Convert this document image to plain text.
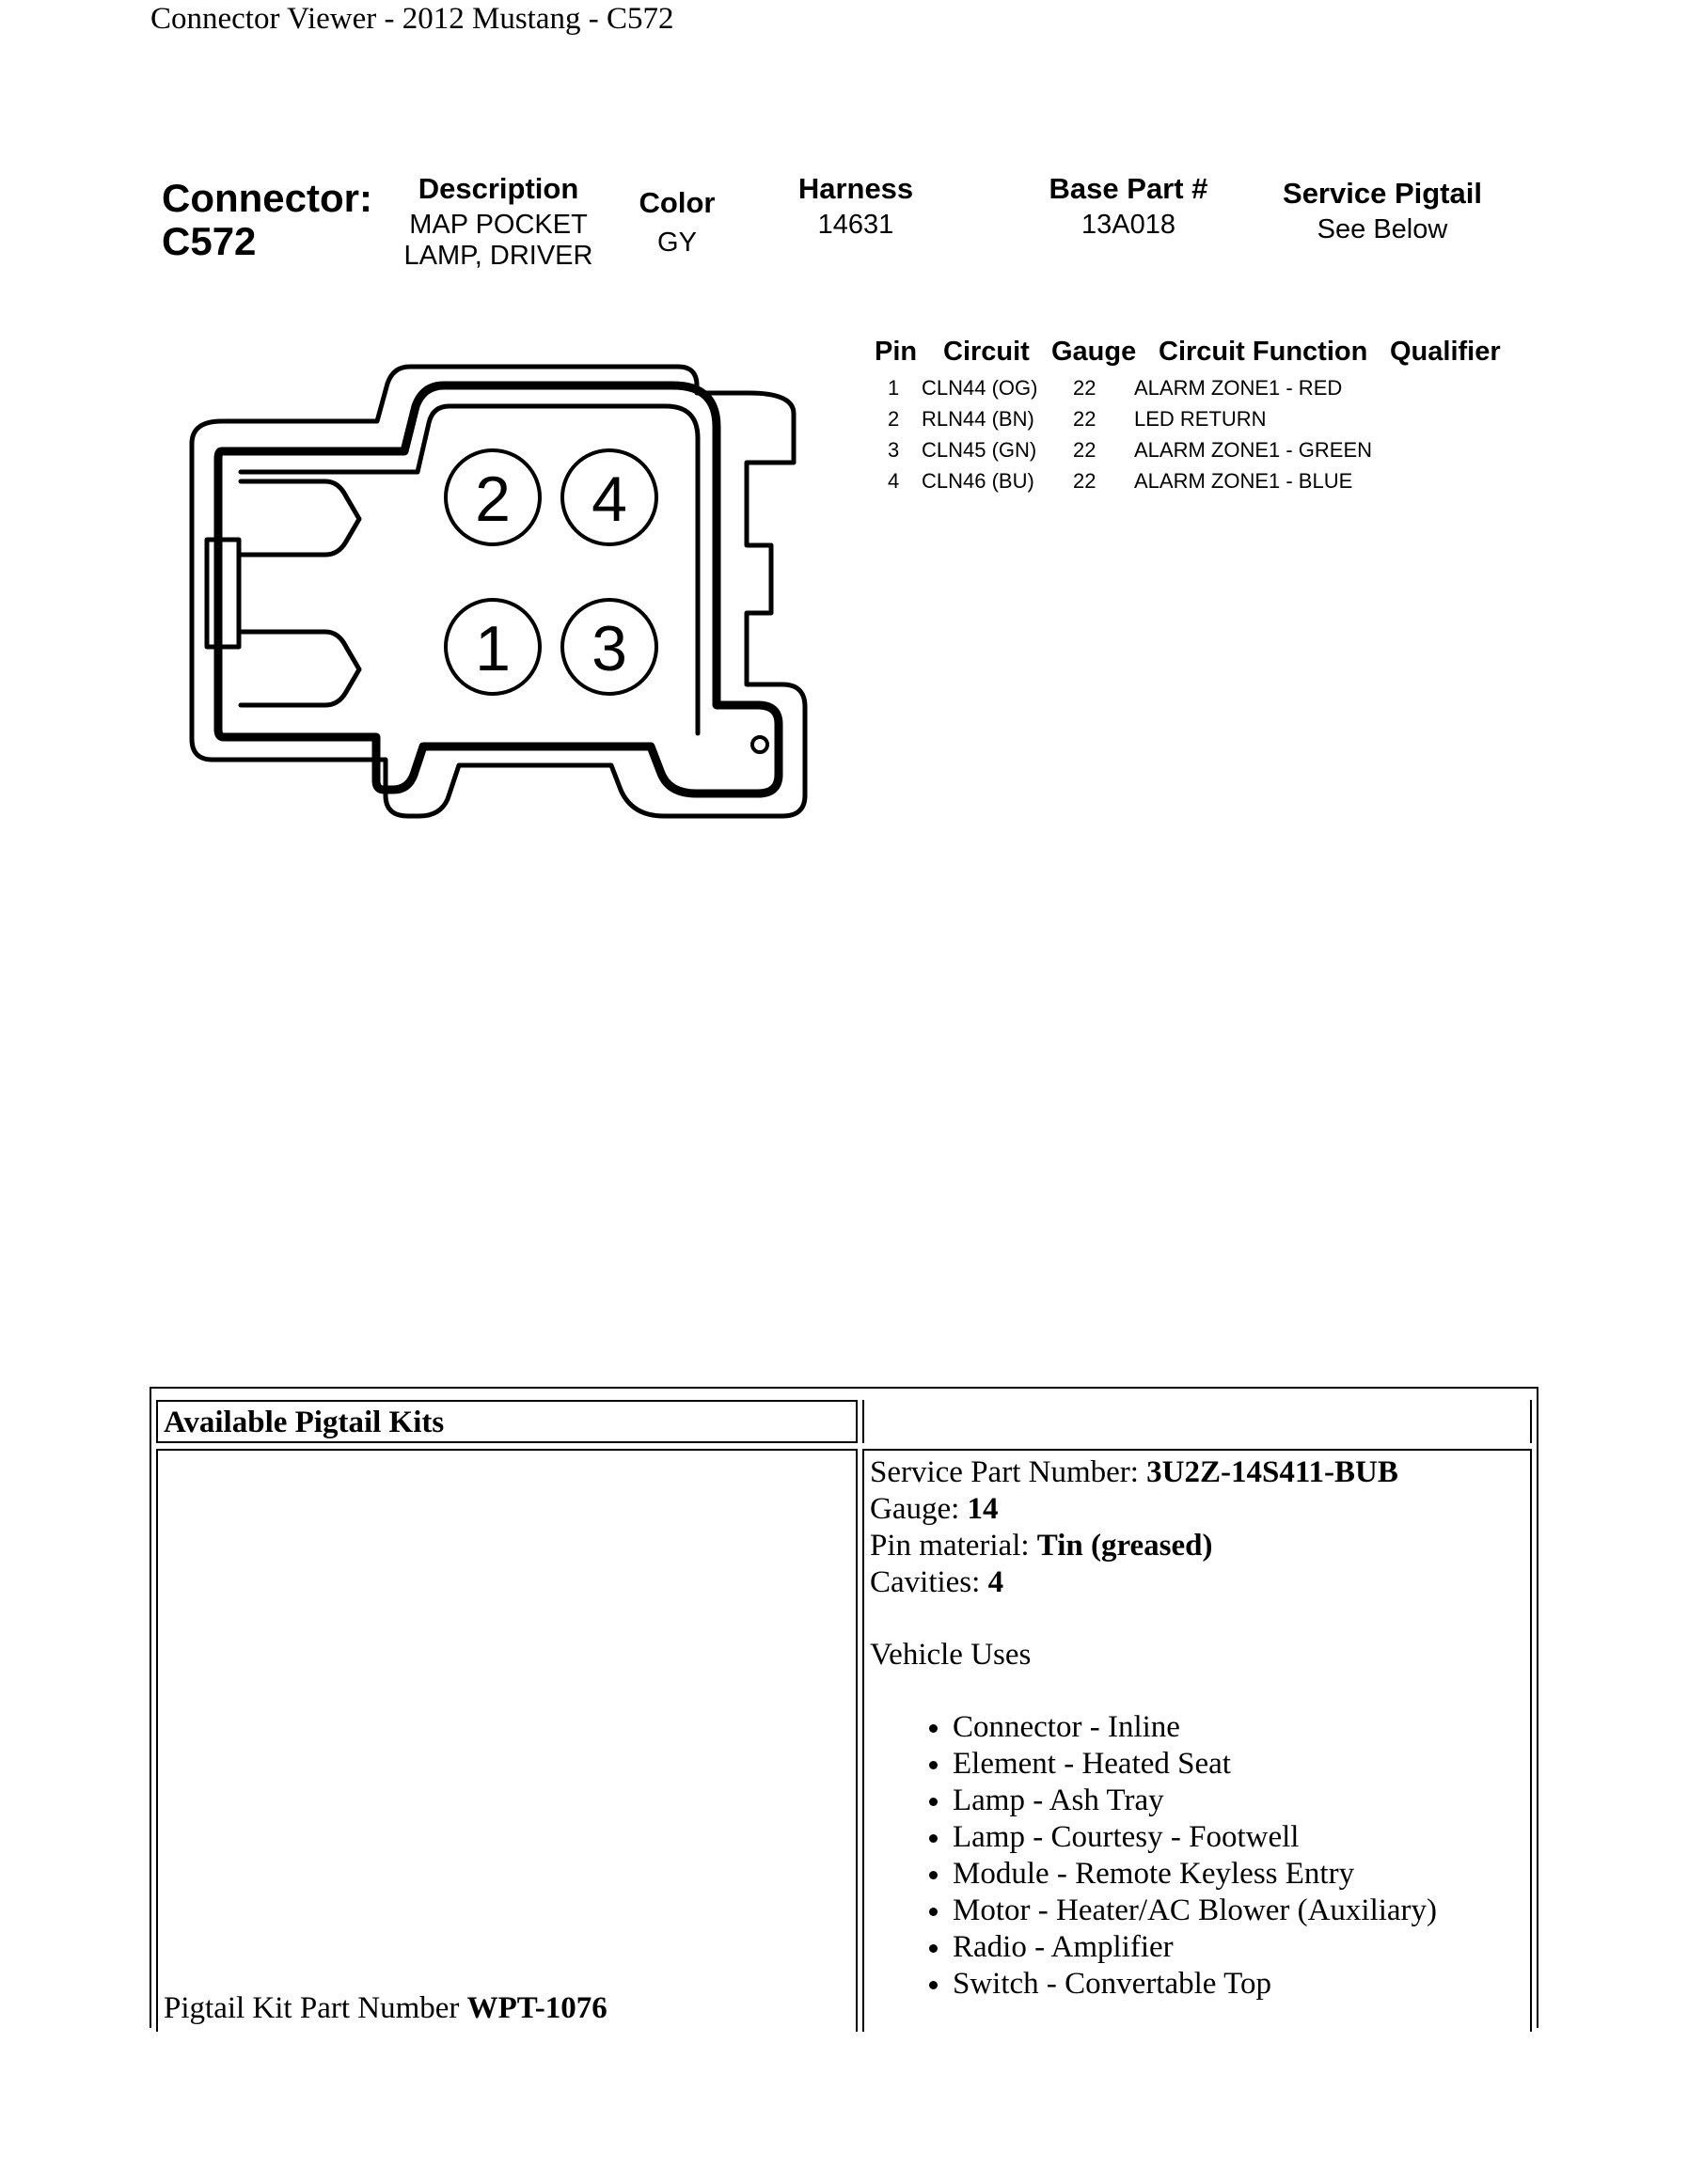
Connector Viewer - 2012 Mustang - C572
Connector:
C572
Description
MAP POCKET
LAMP, DRIVER
Color
GY
Harness
14631
Base Part #
13A018
Service Pigtail
See Below
Pin Circuit Gauge Circuit Function Qualifier
1 CLN44 (OG) 22 ALARM ZONE1 - RED
2 RLN44 (BN) 22 LED RETURN
3 CLN45 (GN) 22 ALARM ZONE1 - GREEN
4 CLN46 (BU) 22 ALARM ZONE1 - BLUE
2 4
1 3
Available Pigtail Kits
Pigtail Kit Part Number WPT-1076
Service Part Number: 3U2Z-14S411-BUB
Gauge: 14
Pin material: Tin (greased)
Cavities: 4
Vehicle Uses
• Connector - Inline
• Element - Heated Seat
• Lamp - Ash Tray
• Lamp - Courtesy - Footwell
• Module - Remote Keyless Entry
• Motor - Heater/AC Blower (Auxiliary)
• Radio - Amplifier
• Switch - Convertable Top
